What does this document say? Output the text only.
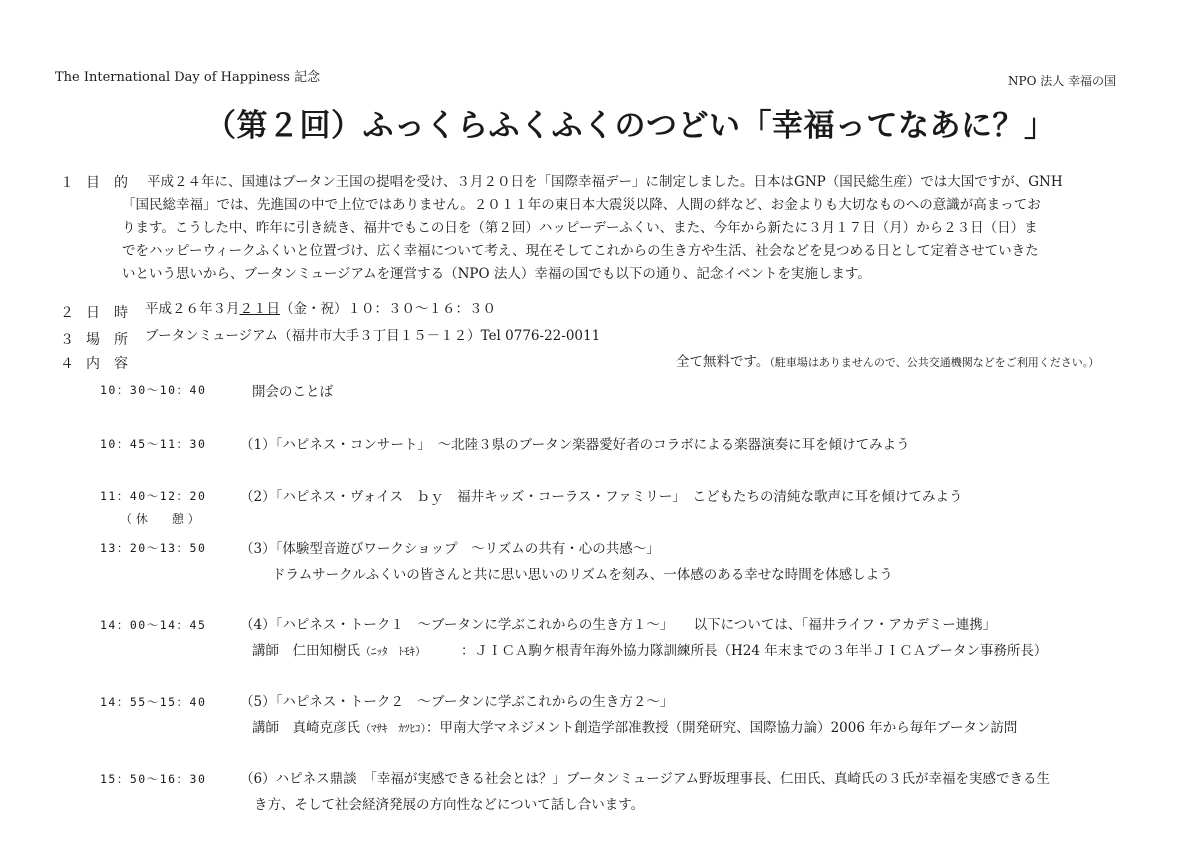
The International Day of Happiness 記念	NPO 法人 幸福の国
（第２回）ふっくらふくふくのつどい「幸福ってなあに？」
１ 目的 平成２４年に、国連はブータン王国の提唱を受け、３月２０日を「国際幸福デー」に制定しました。日本はGNP（国民総生産）では大国ですが、GNH
「国民総幸福」では、先進国の中で上位ではありません。２０１１年の東日本大震災以降、人間の絆など、お金よりも大切なものへの意識が高まってお
ります。こうした中、昨年に引き続き、福井でもこの日を（第２回）ハッピーデーふくい、また、今年から新たに３月１７日（月）から２３日（日）ま
でをハッピーウィークふくいと位置づけ、広く幸福について考え、現在そしてこれからの生き方や生活、社会などを見つめる日として定着させていきた
いという思いから、ブータンミュージアムを運営する（NPO 法人）幸福の国でも以下の通り、記念イベントを実施します。
２ 日時 平成２６年３月２１日（金・祝）１０：３０〜１６：３０
３ 場所 ブータンミュージアム（福井市大手３丁目１５－１２）Tel 0776-22-0011
４ 内容	全て無料です。（駐車場はありませんので、公共交通機関などをご利用ください。）
10：30〜10：40	開会のことば
10：45〜11：30 （1）「ハピネス・コンサート」　～北陸３県のブータン楽器愛好者のコラボによる楽器演奏に耳を傾けてみよう
11：40〜12：20 （2）「ハピネス・ヴォイス　ｂｙ　福井キッズ・コーラス・ファミリー」　こどもたちの清純な歌声に耳を傾けてみよう
（ 休　　憩 ）
13：20〜13：50 （3）「体験型音遊びワークショップ　～リズムの共有・心の共感～」
ドラムサークルふくいの皆さんと共に思い思いのリズムを刻み、一体感のある幸せな時間を体感しよう
14：00〜14：45 （4）「ハピネス・トーク１　～ブータンに学ぶこれからの生き方１～」　　以下については、「福井ライフ・アカデミー連携」
講師　 仁田知樹氏（ﾆｯﾀ　ﾄﾓｷ）　　　	：ＪＩＣＡ駒ケ根青年海外協力隊訓練所長（H24 年末までの３年半ＪＩＣＡブータン事務所長）
14：55〜15：40 （5）「ハピネス・トーク２　～ブータンに学ぶこれからの生き方２～」
講師　 真崎克彦氏（ﾏｻｷ　ｶﾂﾋｺ）：甲南大学マネジメント創造学部准教授（開発研究、国際協力論）2006 年から毎年ブータン訪問
15：50〜16：30 （6）ハピネス鼎談　「幸福が実感できる社会とは？」ブータンミュージアム野坂理事長、仁田氏、真崎氏の３氏が幸福を実感できる生
き方、そして社会経済発展の方向性などについて話し合います。
